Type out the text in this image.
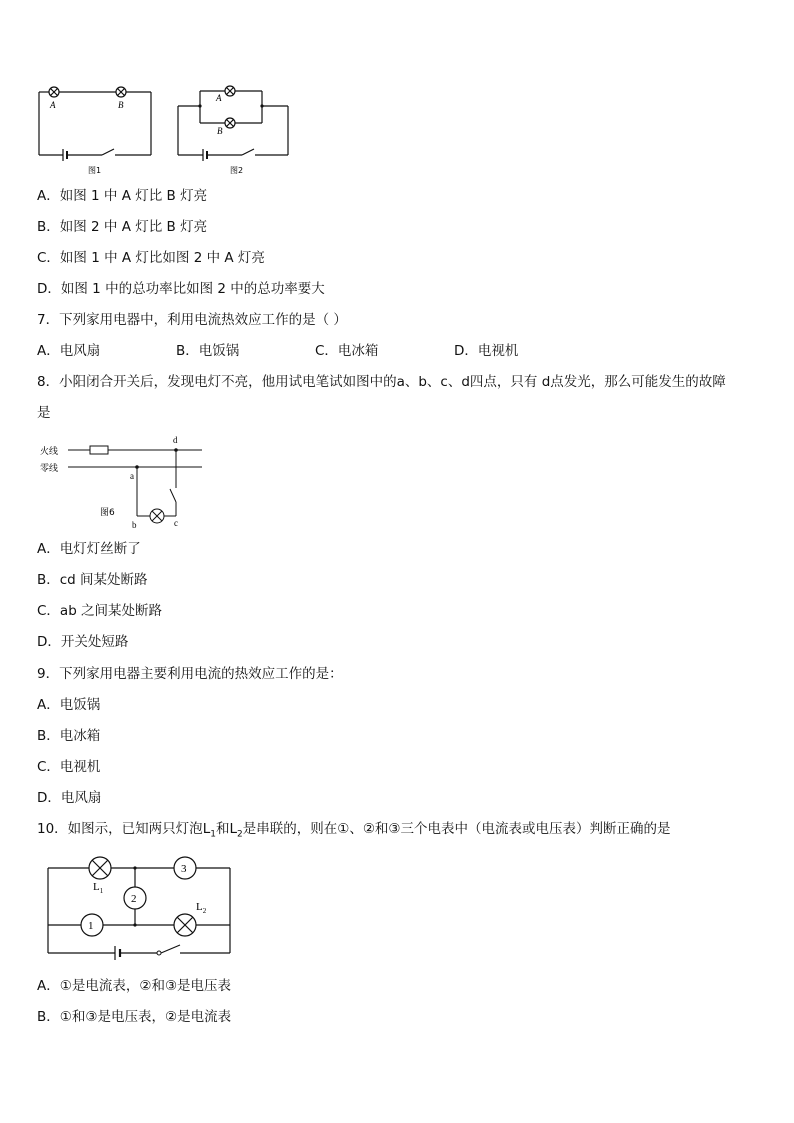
A	B
A
B
图1	图2
A．如图 1 中 A 灯比 B 灯亮
B．如图 2 中 A 灯比 B 灯亮
C．如图 1 中 A 灯比如图 2 中 A 灯亮
D．如图 1 中的总功率比如图 2 中的总功率要大
7．下列家用电器中，利用电流热效应工作的是（ ）
A．电风扇	B．电饭锅	C．电冰箱	D．电视机
8．小阳闭合开关后，发现电灯不亮，他用试电笔试如图中的a、b、c、d四点，只有 d点发光，那么可能发生的故障
是
火线
零线
图6
a
b	c
d
A．电灯灯丝断了
B．cd 间某处断路
C．ab 之间某处断路
D．开关处短路
9．下列家用电器主要利用电流的热效应工作的是：
A．电饭锅
B．电冰箱
C．电视机
D．电风扇
10．如图示，已知两只灯泡$L_1$和$L_2$是串联的，则在①、②和③三个电表中（电流表或电压表）判断正确的是
1
2
3
$L_1$
$L_2$
A．①是电流表，②和③是电压表
B．①和③是电压表，②是电流表
